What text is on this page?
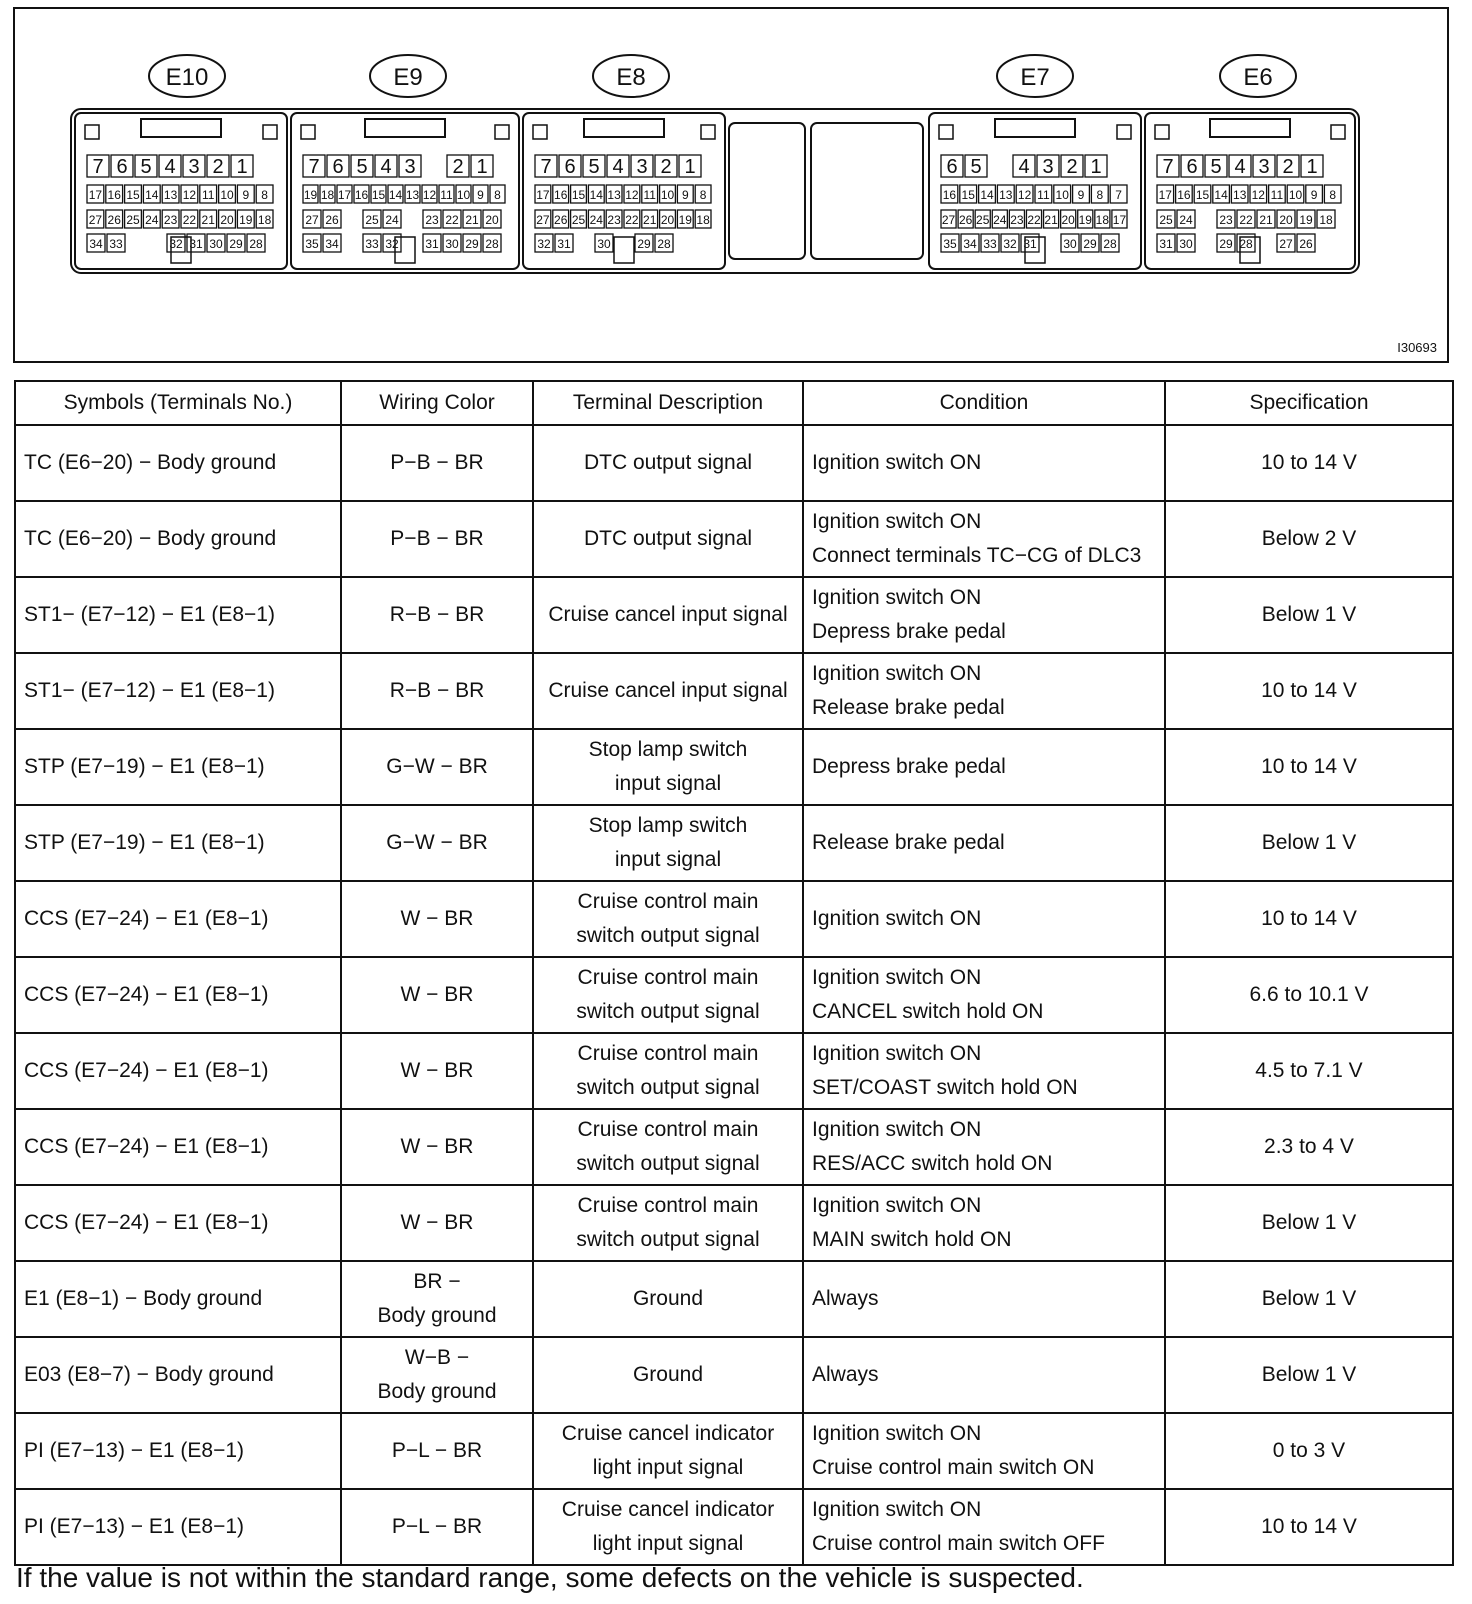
E10
7 6 5 4 3 2 1
17 16 15 14 13 12 11 10 9 8
27 26 25 24 23 22 21 20 19 18
34 33	32 31 30 29 28
E9
7 6 5 4 3 2 1
19 18 17 16 15 14 13 12 11 10 9 8
27 26 25 24 23 22 21 20
35 34 33 32 31 30 29 28
E8
7 6 5 4 3 2 1
17 16 15 14 13 12 11 10 9 8
27 26 25 24 23 22 21 20 19 18
32 31 30 29 28
E7
6 5 4 3 2 1
16 15 14 13 12 11 10 9 8 7
27 26 25 24 23 22 21 20 19 18 17
35 34 33 32 31 30 29 28
E6
7 6 5 4 3 2 1
17 16 15 14 13 12 11 10 9 8
25 24 23 22 21 20 19 18
31 30 29 28 27 26
I30693
Symbols (Terminals No.)	Wiring Color	Terminal Description	Condition	Specification
TC (E6−20) − Body ground	P−B − BR	DTC output signal	Ignition switch ON	10 to 14 V
TC (E6−20) − Body ground	P−B − BR	DTC output signal	Ignition switch ON
Connect terminals TC−CG of DLC3	Below 2 V
ST1− (E7−12) − E1 (E8−1)	R−B − BR	Cruise cancel input signal	Ignition switch ON
Depress brake pedal	Below 1 V
ST1− (E7−12) − E1 (E8−1)	R−B − BR	Cruise cancel input signal	Ignition switch ON
Release brake pedal	10 to 14 V
STP (E7−19) − E1 (E8−1)	G−W − BR	Stop lamp switch
input signal	Depress brake pedal	10 to 14 V
STP (E7−19) − E1 (E8−1)	G−W − BR	Stop lamp switch
input signal	Release brake pedal	Below 1 V
CCS (E7−24) − E1 (E8−1)	W − BR	Cruise control main
switch output signal	Ignition switch ON	10 to 14 V
CCS (E7−24) − E1 (E8−1)	W − BR	Cruise control main
switch output signal	Ignition switch ON
CANCEL switch hold ON	6.6 to 10.1 V
CCS (E7−24) − E1 (E8−1)	W − BR	Cruise control main
switch output signal	Ignition switch ON
SET/COAST switch hold ON	4.5 to 7.1 V
CCS (E7−24) − E1 (E8−1)	W − BR	Cruise control main
switch output signal	Ignition switch ON
RES/ACC switch hold ON	2.3 to 4 V
CCS (E7−24) − E1 (E8−1)	W − BR	Cruise control main
switch output signal	Ignition switch ON
MAIN switch hold ON	Below 1 V
E1 (E8−1) − Body ground	BR −
Body ground	Ground	Always	Below 1 V
E03 (E8−7) − Body ground	W−B −
Body ground	Ground	Always	Below 1 V
PI (E7−13) − E1 (E8−1)	P−L − BR	Cruise cancel indicator
light input signal	Ignition switch ON
Cruise control main switch ON	0 to 3 V
PI (E7−13) − E1 (E8−1)	P−L − BR	Cruise cancel indicator
light input signal	Ignition switch ON
Cruise control main switch OFF	10 to 14 V
If the value is not within the standard range, some defects on the vehicle is suspected.
